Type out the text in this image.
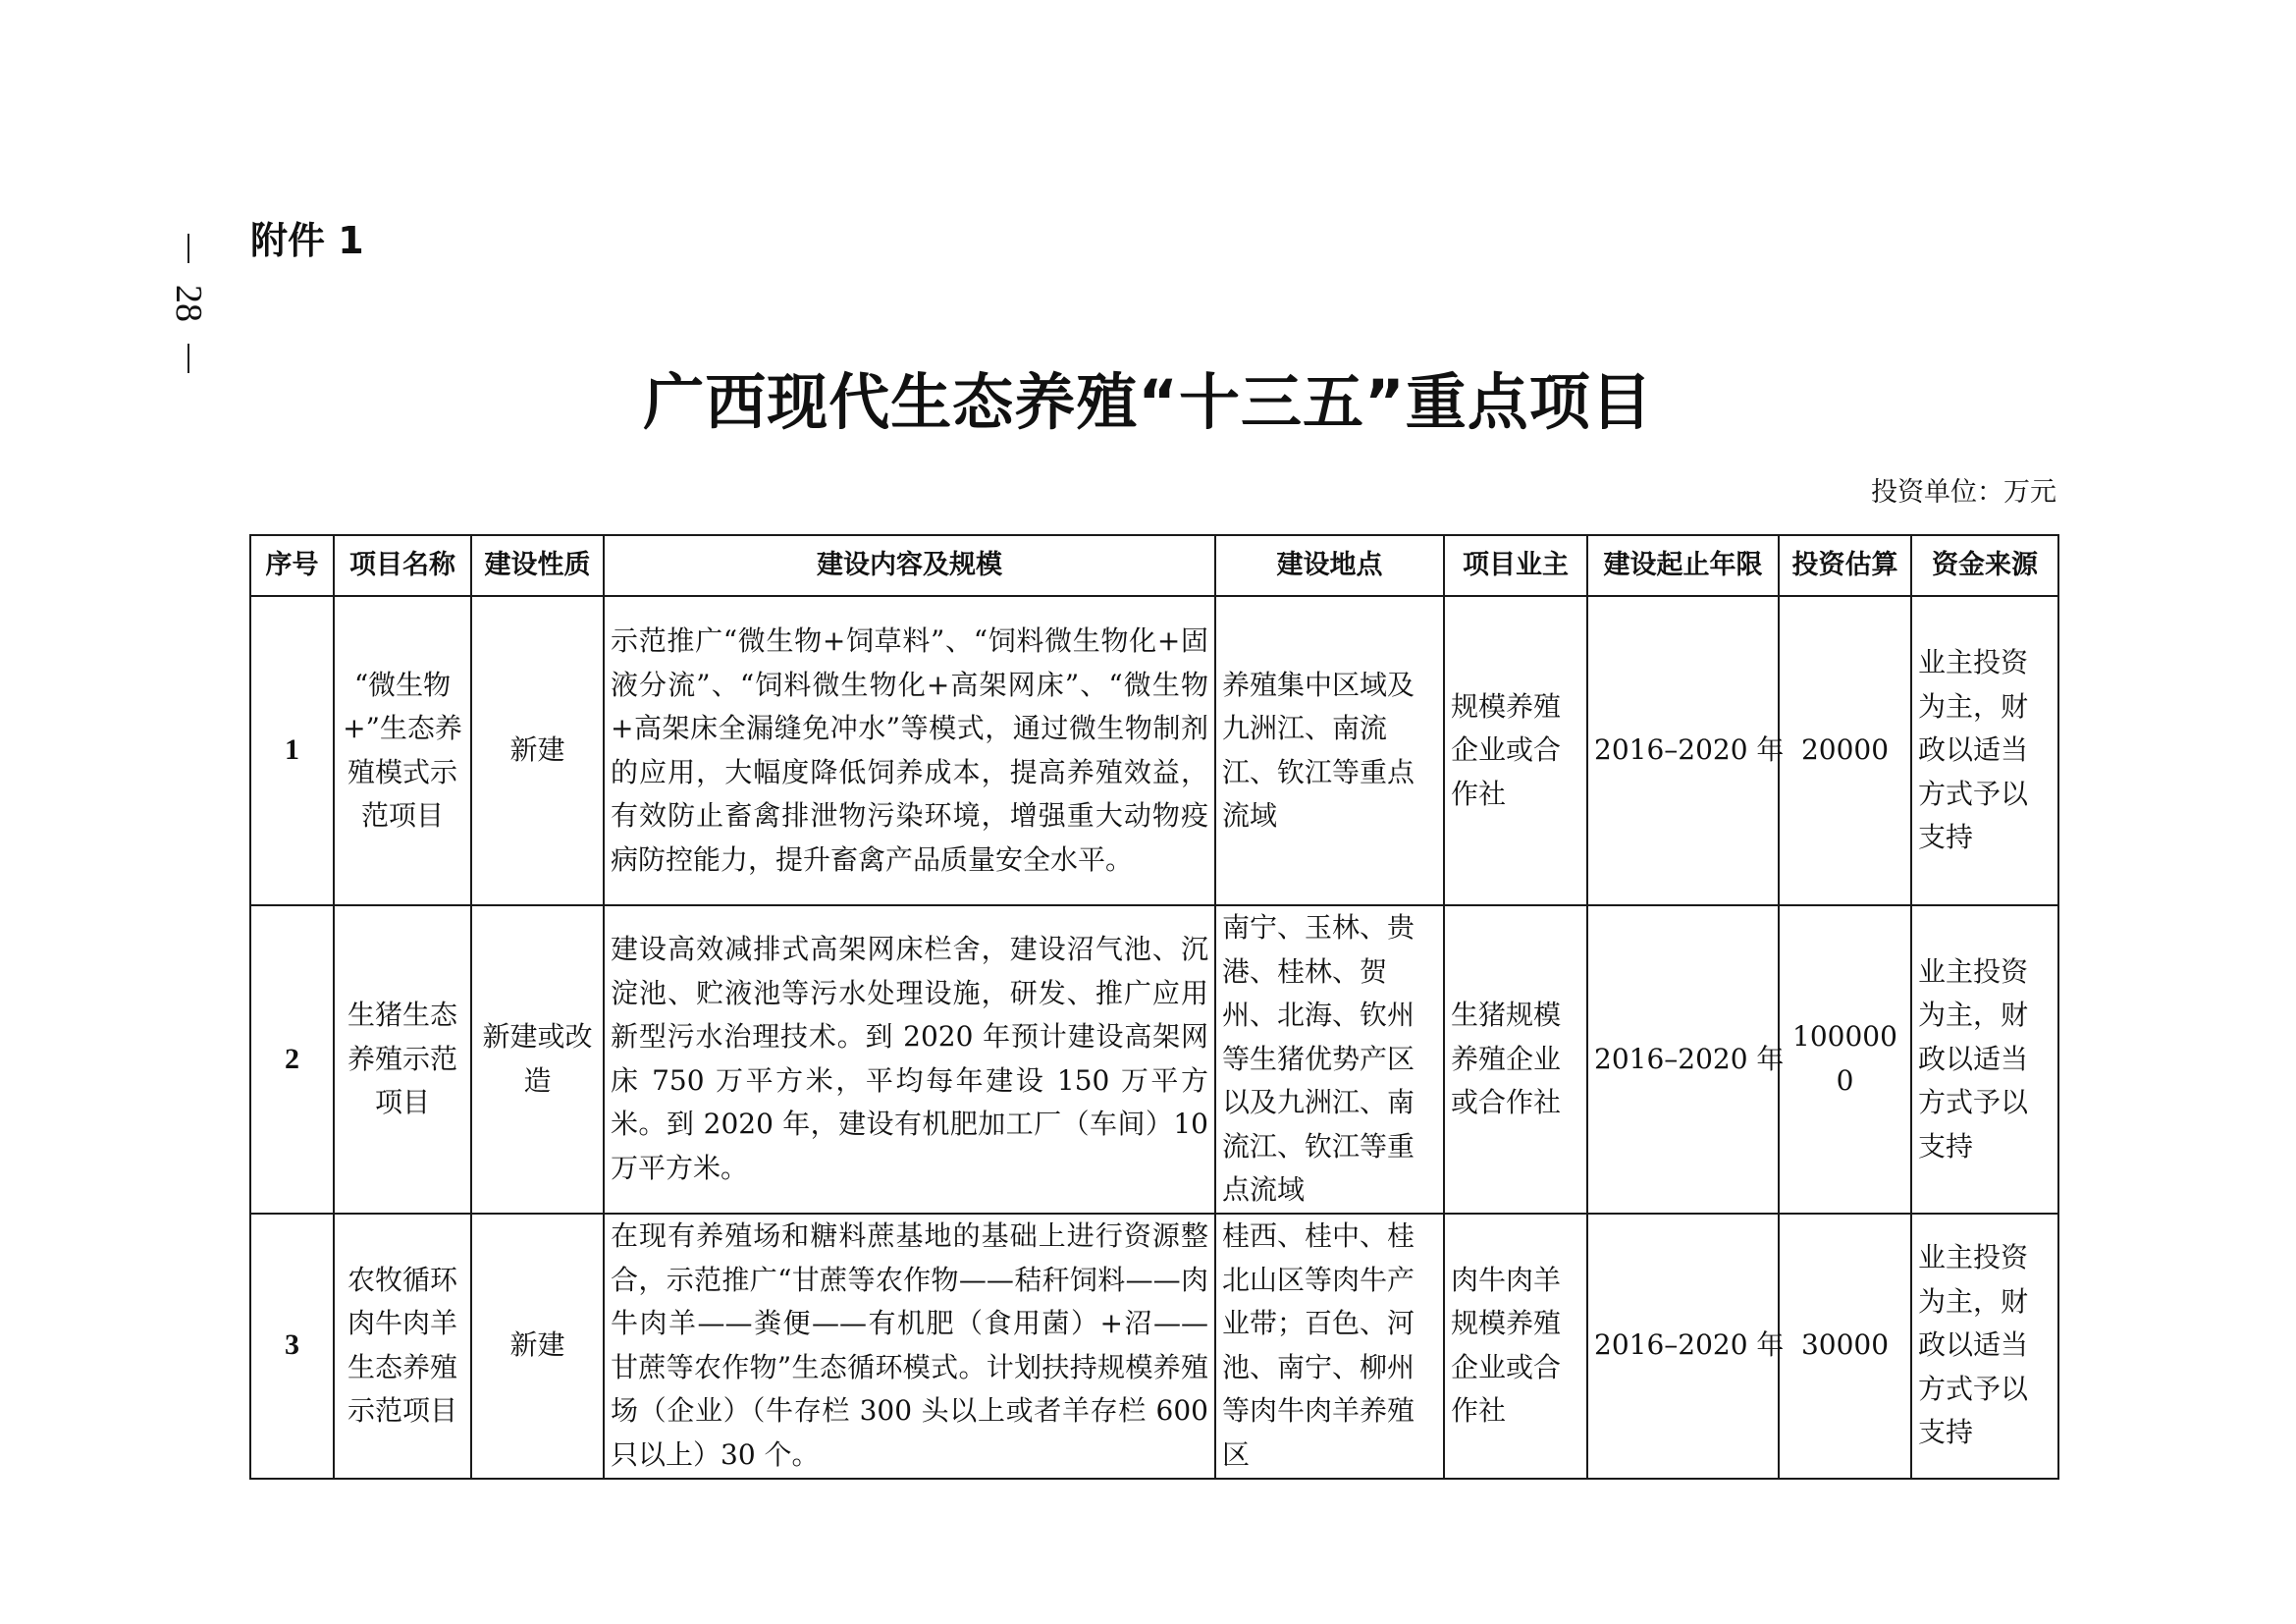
28
附件 1
广西现代生态养殖“十三五”重点项目
投资单位：万元
序号	项目名称	建设性质	建设内容及规模	建设地点	项目业主	建设起止年限	投资估算	资金来源
1	“微生物+”生态养殖模式示范项目	新建	示范推广“微生物+饲草料”、“饲料微生物化+固液分流”、“饲料微生物化+高架网床”、“微生物+高架床全漏缝免冲水”等模式，通过微生物制剂的应用，大幅度降低饲养成本，提高养殖效益，有效防止畜禽排泄物污染环境，增强重大动物疫病防控能力，提升畜禽产品质量安全水平。	养殖集中区域及九洲江、南流江、钦江等重点流域	规模养殖企业或合作社	2016–2020 年	20000	业主投资为主，财政以适当方式予以支持
2	生猪生态养殖示范项目	新建或改造	建设高效减排式高架网床栏舍，建设沼气池、沉淀池、贮液池等污水处理设施，研发、推广应用新型污水治理技术。到 2020 年预计建设高架网床 750 万平方米，平均每年建设 150 万平方米。到 2020 年，建设有机肥加工厂（车间）10 万平方米。	南宁、玉林、贵港、桂林、贺州、北海、钦州等生猪优势产区以及九洲江、南流江、钦江等重点流域	生猪规模养殖企业或合作社	2016–2020 年	1000000	业主投资为主，财政以适当方式予以支持
3	农牧循环肉牛肉羊生态养殖示范项目	新建	在现有养殖场和糖料蔗基地的基础上进行资源整合，示范推广“甘蔗等农作物——秸秆饲料——肉牛肉羊——粪便——有机肥（食用菌）+沼——甘蔗等农作物”生态循环模式。计划扶持规模养殖场（企业）（牛存栏 300 头以上或者羊存栏 600 只以上）30 个。	桂西、桂中、桂北山区等肉牛产业带；百色、河池、南宁、柳州等肉牛肉羊养殖区	肉牛肉羊规模养殖企业或合作社	2016–2020 年	30000	业主投资为主，财政以适当方式予以支持
